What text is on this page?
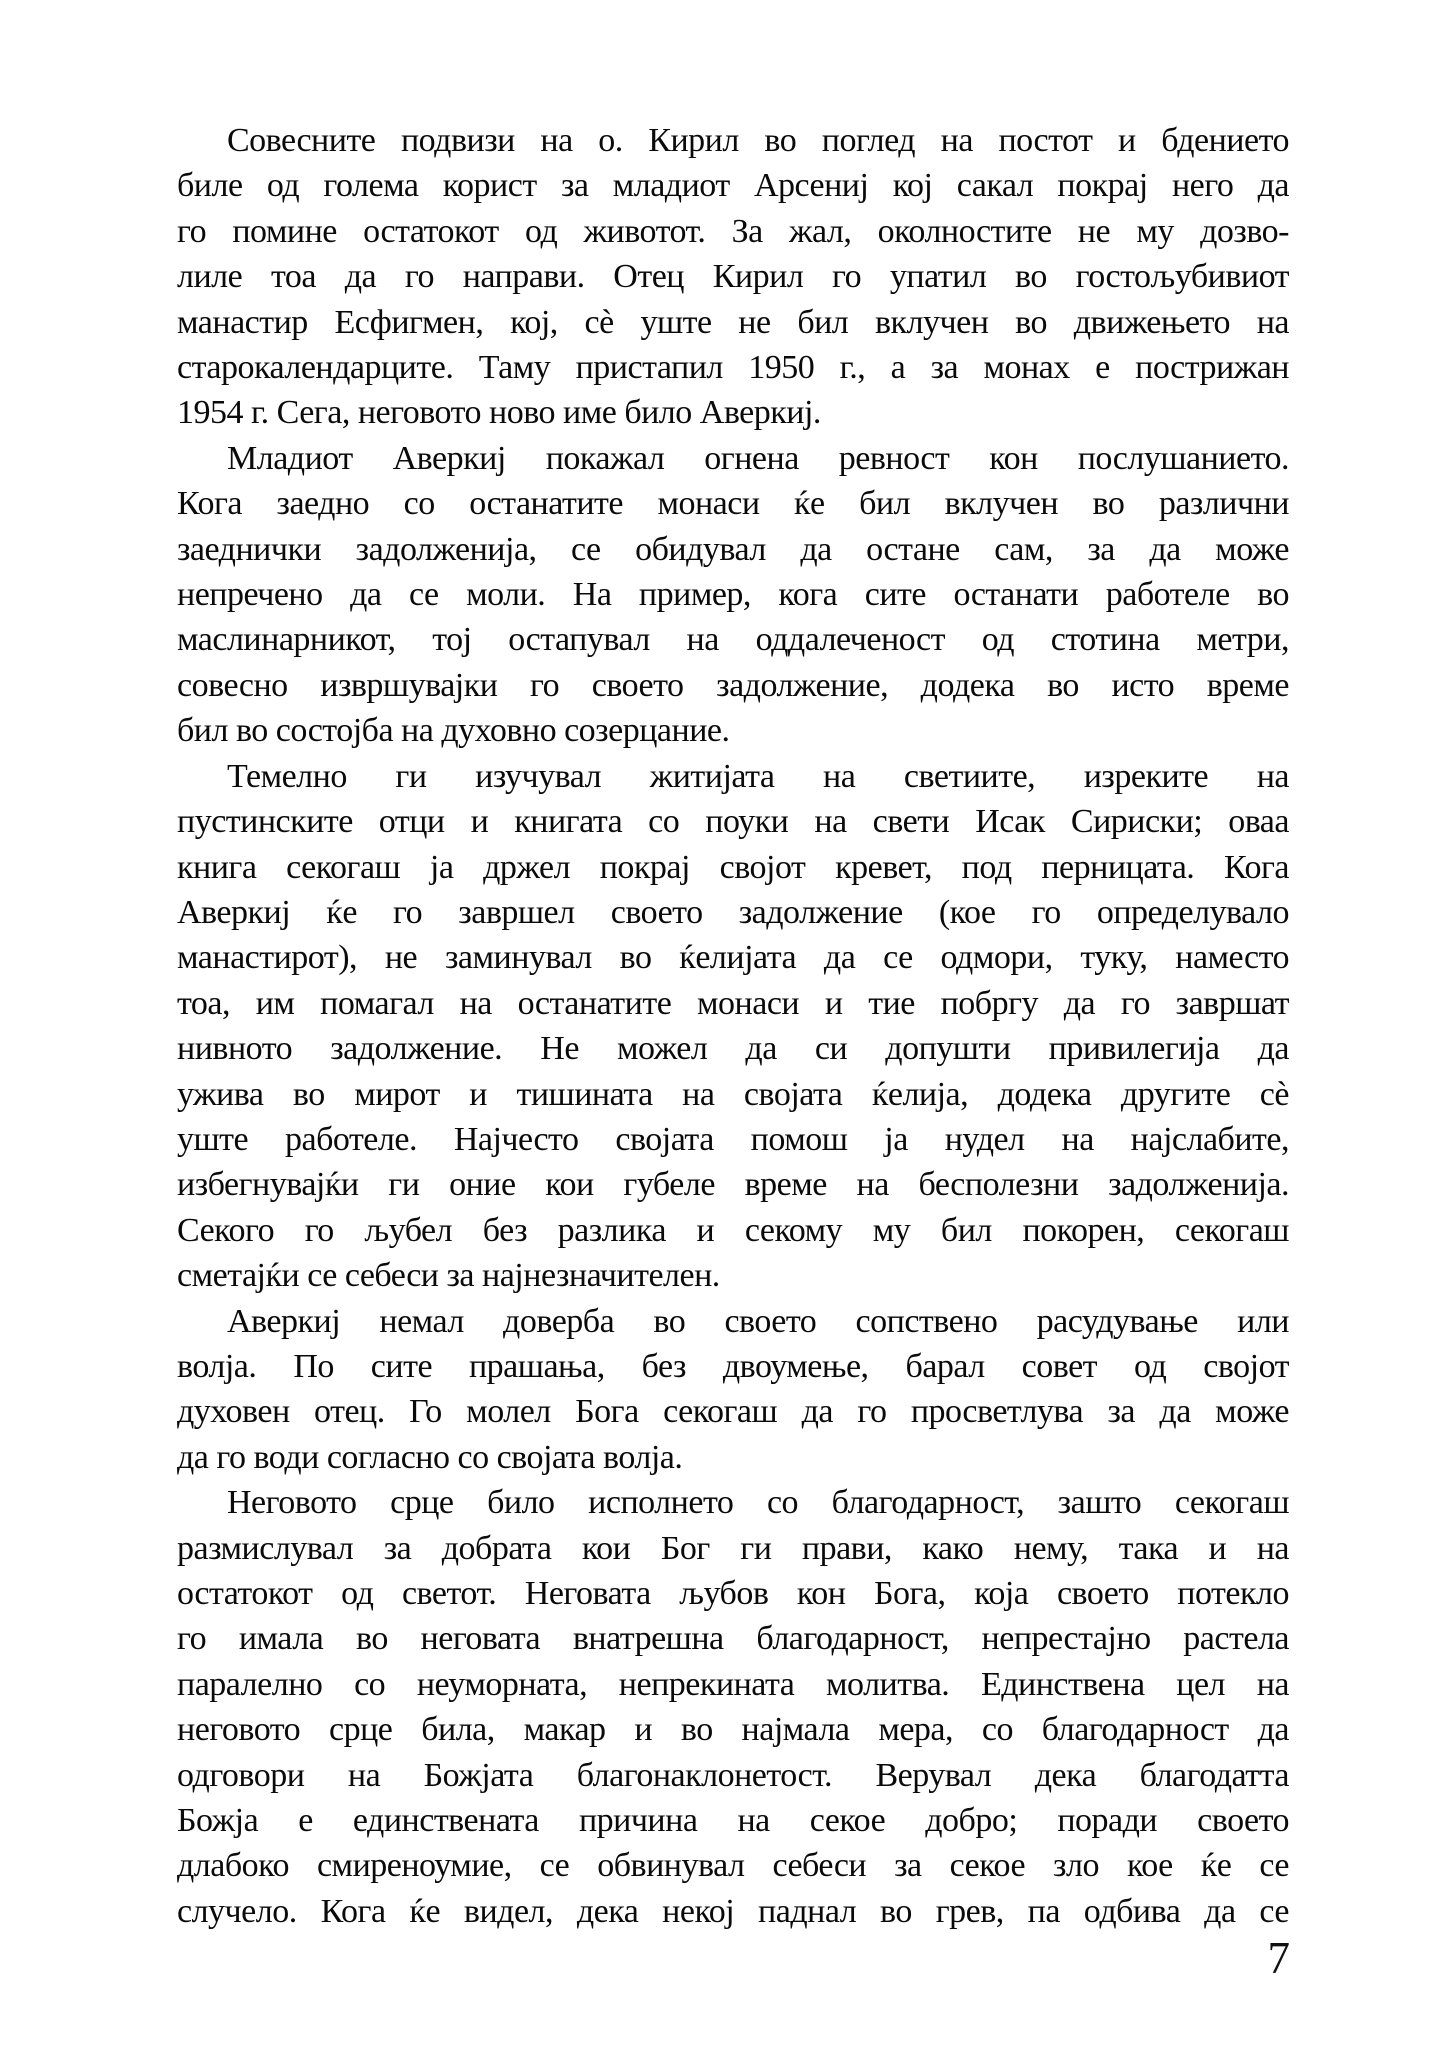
Совесните подвизи на о. Кирил во поглед на постот и бдението
биле од голема корист за младиот Арсениј кој сакал покрај него да
го помине остатокот од животот. За жал, околностите не му дозво-
лиле тоа да го направи. Отец Кирил го упатил во гостољубивиот
манастир Есфигмен, кој, сѐ уште не бил вклучен во движењето на
старокалендарците. Таму пристапил 1950 г., а за монах е пострижан
1954 г. Сега, неговото ново име било Аверкиј.
Младиот Аверкиј покажал огнена ревност кон послушанието.
Кога заедно со останатите монаси ќе бил вклучен во различни
заеднички задолженија, се обидувал да остане сам, за да може
непречено да се моли. На пример, кога сите останати работеле во
маслинарникот, тој остапувал на оддалеченост од стотина метри,
совесно извршувајки го своето задолжение, додека во исто време
бил во состојба на духовно созерцание.
Темелно ги изучувал житијата на светиите, изреките на
пустинските отци и книгата со поуки на свети Исак Сириски; оваа
книга секогаш ја држел покрај својот кревет, под перницата. Кога
Аверкиј ќе го завршел своето задолжение (кое го определувало
манастирот), не заминувал во ќелијата да се одмори, туку, наместо
тоа, им помагал на останатите монаси и тие побргу да го завршат
нивното задолжение. Не можел да си допушти привилегија да
ужива во мирот и тишината на својата ќелија, додека другите сѐ
уште работеле. Најчесто својата помош ја нудел на најслабите,
избегнувајќи ги оние кои губеле време на бесполезни задолженија.
Секого го љубел без разлика и секому му бил покорен, секогаш
сметајќи се себеси за најнезначителен.
Аверкиј немал доверба во своето сопствено расудување или
волја. По сите прашања, без двоумење, барал совет од својот
духовен отец. Го молел Бога секогаш да го просветлува за да може
да го води согласно со својата волја.
Неговото срце било исполнето со благодарност, зашто секогаш
размислувал за добрата кои Бог ги прави, како нему, така и на
остатокот од светот. Неговата љубов кон Бога, која своето потекло
го имала во неговата внатрешна благодарност, непрестајно растела
паралелно со неуморната, непрекината молитва. Единствена цел на
неговото срце била, макар и во најмала мера, со благодарност да
одговори на Божјата благонаклонетост. Верувал дека благодатта
Божја е единствената причина на секое добро; поради своето
длабоко смиреноумие, се обвинувал себеси за секое зло кое ќе се
случело. Кога ќе видел, дека некој паднал во грев, па одбива да се
7
